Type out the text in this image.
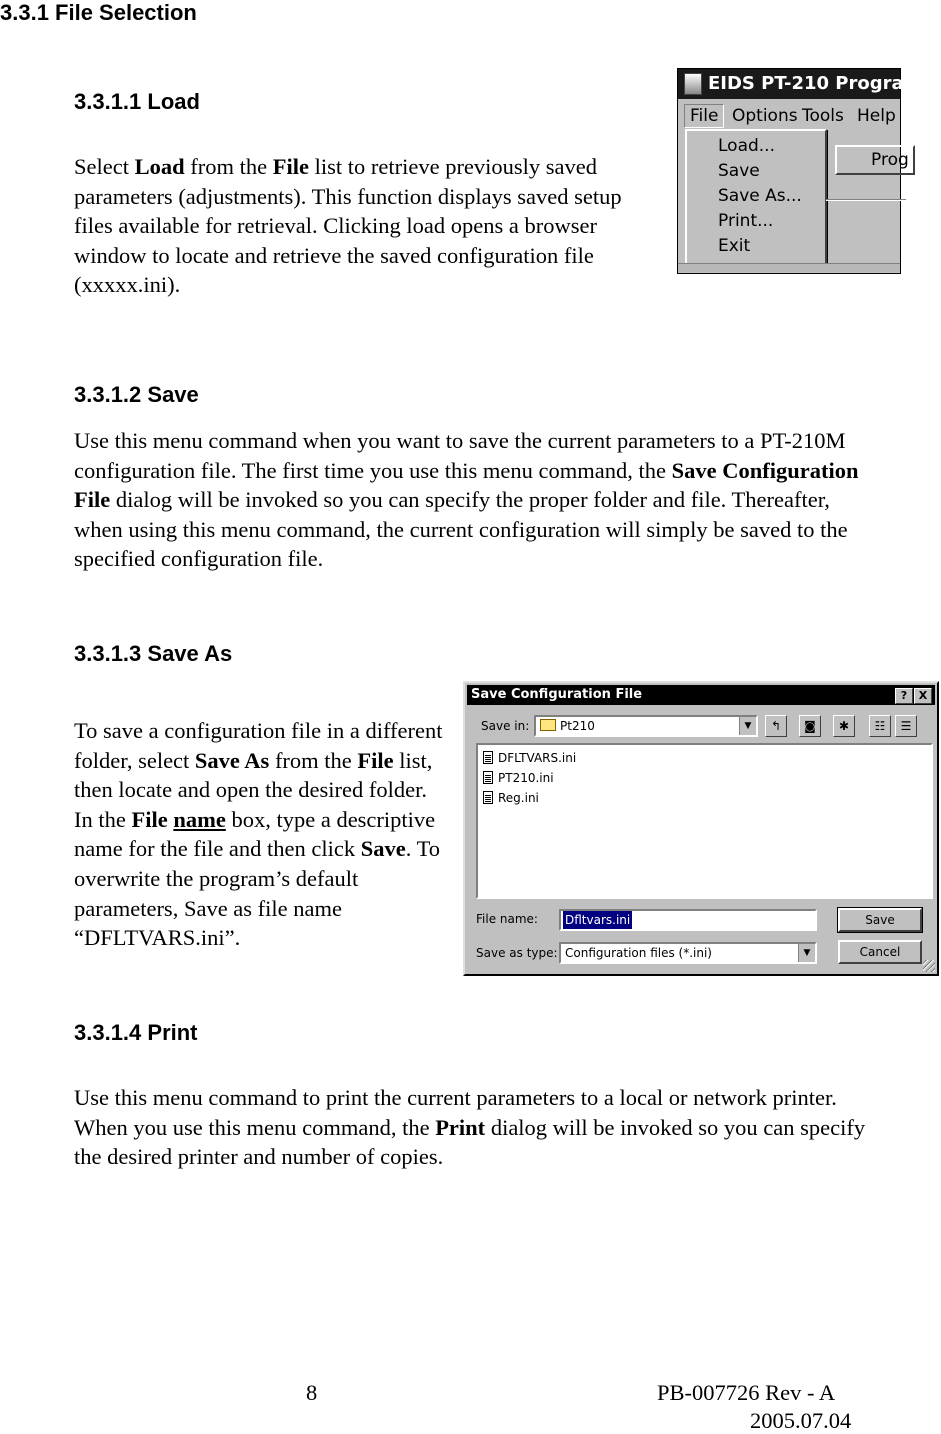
3.3.1 File Selection
3.3.1.1 Load

Select Load from the File list to retrieve previously saved parameters (adjustments). This function displays saved setup files available for retrieval. Clicking load opens a browser window to locate and retrieve the saved configuration file (xxxxx.ini).

EIDS PT-210 Programm
File Options Tools Help
Load...
Save
Save As...
Print...
Exit
Prog
3.3.1.2 Save

Use this menu command when you want to save the current parameters to a PT-210M configuration file. The first time you use this menu command, the Save Configuration File dialog will be invoked so you can specify the proper folder and file. Thereafter, when using this menu command, the current configuration will simply be saved to the specified configuration file.

3.3.1.3 Save As

To save a configuration file in a different folder, select Save As from the File list, then locate and open the desired folder. In the File name box, type a descriptive name for the file and then click Save. To overwrite the program’s default parameters, Save as file name “DFLTVARS.ini”.

Save Configuration File	?	X
Save in:	Pt210	▼	↰	◙	✱	☷	☰
DFLTVARS.ini
PT210.ini
Reg.ini
File name:	Dfltvars.ini
Save as type: Configuration files (*.ini)	▼
Save
Cancel
3.3.1.4 Print

Use this menu command to print the current parameters to a local or network printer. When you use this menu command, the Print dialog will be invoked so you can specify the desired printer and number of copies.

8	PB-007726 Rev - A
2005.07.04
